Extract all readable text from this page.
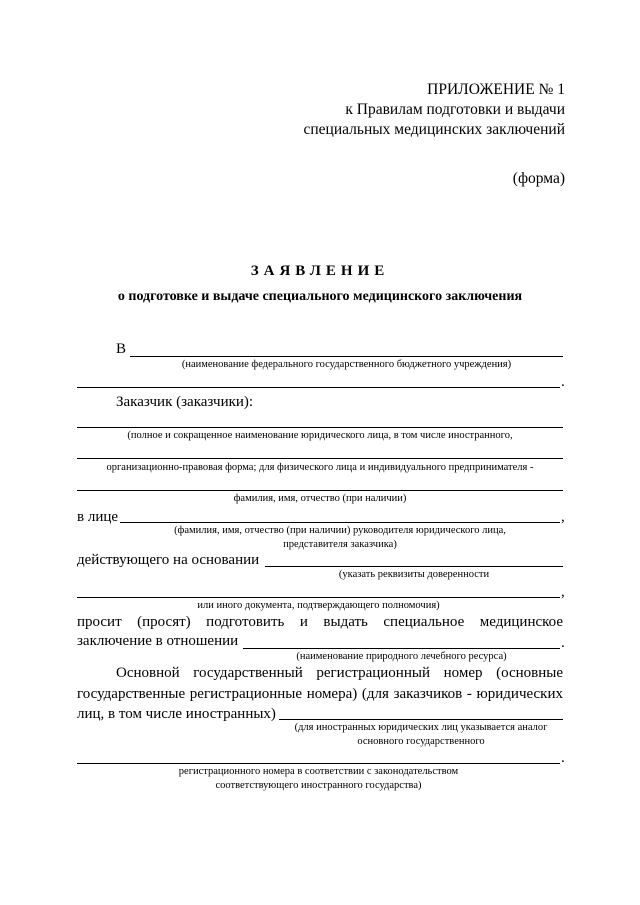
ПРИЛОЖЕНИЕ № 1
к Правилам подготовки и выдачи
специальных медицинских заключений
(форма)
ЗАЯВЛЕНИЕ
о подготовке и выдаче специального медицинского заключения
В
(наименование федерального государственного бюджетного учреждения)
.
Заказчик (заказчики):
(полное и сокращенное наименование юридического лица, в том числе иностранного,
организационно-правовая форма; для физического лица и индивидуального предпринимателя -
фамилия, имя, отчество (при наличии)
в лице	,
(фамилия, имя, отчество (при наличии) руководителя юридического лица,
представителя заказчика)
действующего на основании
(указать реквизиты доверенности
,
или иного документа, подтверждающего полномочия)
просит (просят) подготовить и выдать специальное медицинское
заключение в отношении	.
(наименование природного лечебного ресурса)
Основной государственный регистрационный номер (основные
государственные регистрационные номера) (для заказчиков - юридических
лиц, в том числе иностранных)
(для иностранных юридических лиц указывается аналог
основного государственного
.
регистрационного номера в соответствии с законодательством
соответствующего иностранного государства)
